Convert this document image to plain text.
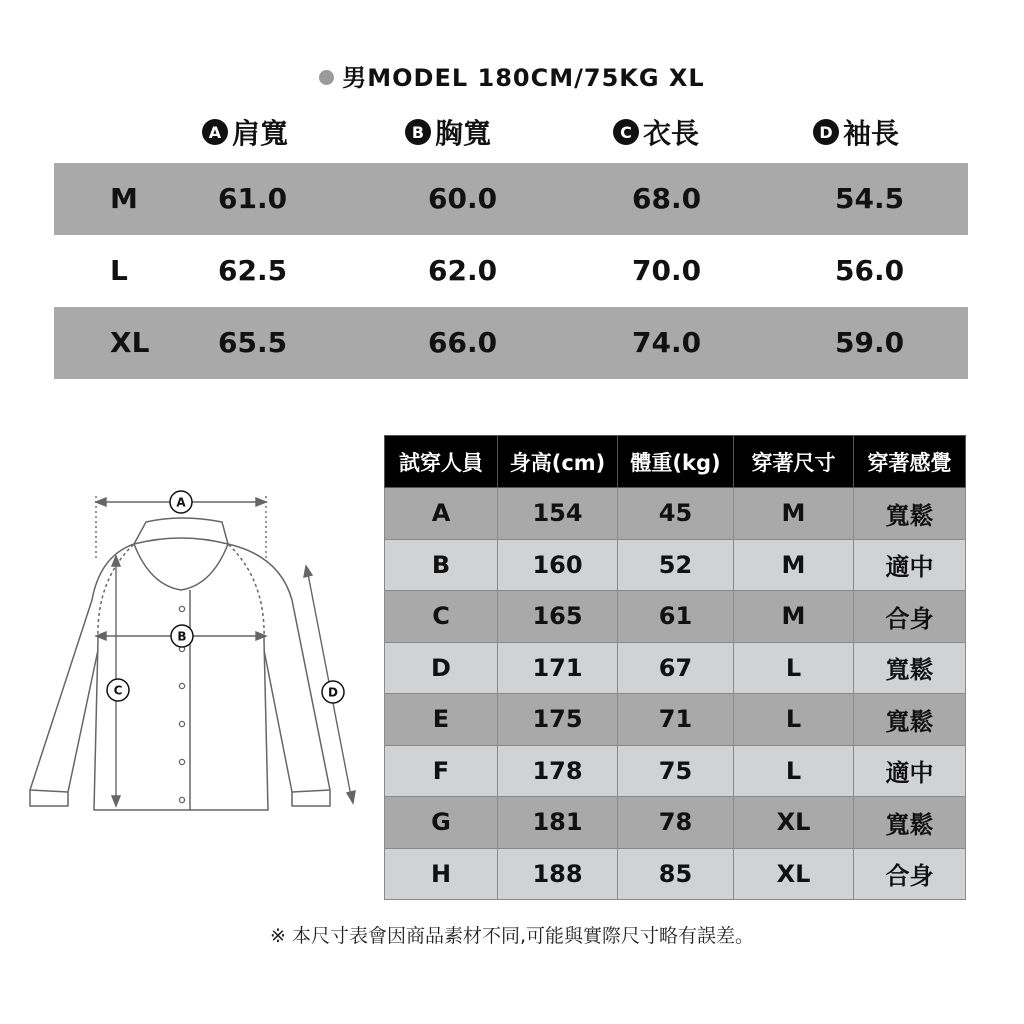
男MODEL 180CM/75KG XL
A 肩寬	B 胸寬	C 衣長	D 袖長
M	61.0	60.0	68.0	54.5
L	62.5	62.0	70.0	56.0
XL 65.5	66.0	74.0	59.0
A
B
C	D
試穿人員	身高(cm)	體重(kg)	穿著尺寸	穿著感覺
A	154	45	M	寬鬆
B	160	52	M	適中
C	165	61	M	合身
D	171	67	L	寬鬆
E	175	71	L	寬鬆
F	178	75	L	適中
G	181	78	XL	寬鬆
H	188	85	XL	合身
※ 本尺寸表會因商品素材不同,可能與實際尺寸略有誤差。
